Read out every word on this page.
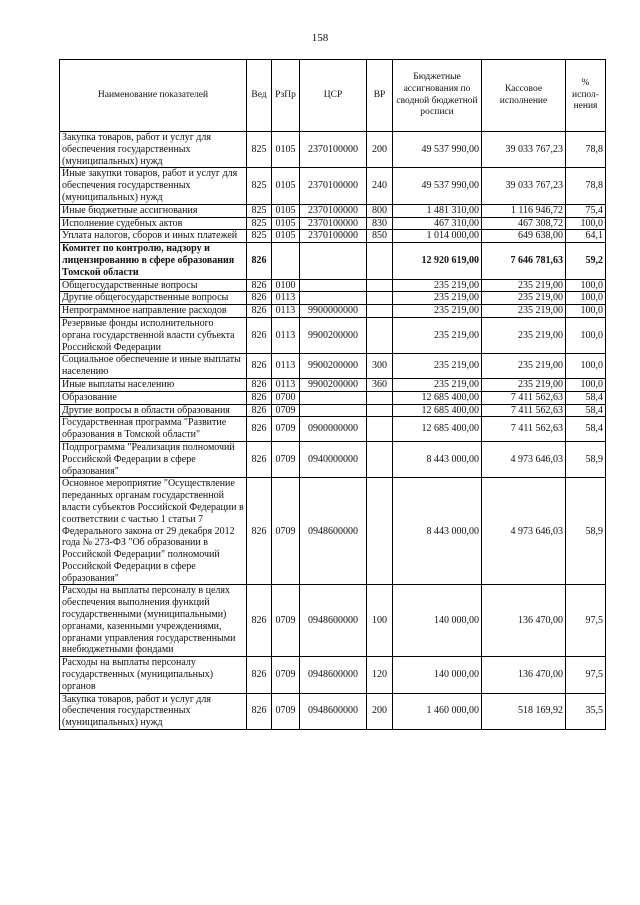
158
Наименование показателей	Вед	РзПр	ЦСР	ВР	Бюджетные ассигнования по сводной бюджетной росписи	Кассовое исполнение	% испол-нения
Закупка товаров, работ и услуг для обеспечения государственных (муниципальных) нужд	825	0105	2370100000	200	49 537 990,00	39 033 767,23	78,8
Иные закупки товаров, работ и услуг для обеспечения государственных (муниципальных) нужд	825	0105	2370100000	240	49 537 990,00	39 033 767,23	78,8
Иные бюджетные ассигнования	825	0105	2370100000	800	1 481 310,00	1 116 946,72	75,4
Исполнение судебных актов	825	0105	2370100000	830	467 310,00	467 308,72	100,0
Уплата налогов, сборов и иных платежей	825	0105	2370100000	850	1 014 000,00	649 638,00	64,1
Комитет по контролю, надзору и лицензированию в сфере образования Томской области	826				12 920 619,00	7 646 781,63	59,2
Общегосударственные вопросы	826	0100			235 219,00	235 219,00	100,0
Другие общегосударственные вопросы	826	0113			235 219,00	235 219,00	100,0
Непрограммное направление расходов	826	0113	9900000000		235 219,00	235 219,00	100,0
Резервные фонды исполнительного органа государственной власти субъекта Российской Федерации	826	0113	9900200000		235 219,00	235 219,00	100,0
Социальное обеспечение и иные выплаты населению	826	0113	9900200000	300	235 219,00	235 219,00	100,0
Иные выплаты населению	826	0113	9900200000	360	235 219,00	235 219,00	100,0
Образование	826	0700			12 685 400,00	7 411 562,63	58,4
Другие вопросы в области образования	826	0709			12 685 400,00	7 411 562,63	58,4
Государственная программа "Развитие образования в Томской области"	826	0709	0900000000		12 685 400,00	7 411 562,63	58,4
Подпрограмма "Реализация полномочий Российской Федерации в сфере образования"	826	0709	0940000000		8 443 000,00	4 973 646,03	58,9
Основное мероприятие "Осуществление переданных органам государственной власти субъектов Российской Федерации в соответствии с частью 1 статьи 7 Федерального закона от 29 декабря 2012 года № 273-ФЗ "Об образовании в Российской Федерации" полномочий Российской Федерации в сфере образования"	826	0709	0948600000		8 443 000,00	4 973 646,03	58,9
Расходы на выплаты персоналу в целях обеспечения выполнения функций государственными (муниципальными) органами, казенными учреждениями, органами управления государственными внебюджетными фондами	826	0709	0948600000	100	140 000,00	136 470,00	97,5
Расходы на выплаты персоналу государственных (муниципальных) органов	826	0709	0948600000	120	140 000,00	136 470,00	97,5
Закупка товаров, работ и услуг для обеспечения государственных (муниципальных) нужд	826	0709	0948600000	200	1 460 000,00	518 169,92	35,5
